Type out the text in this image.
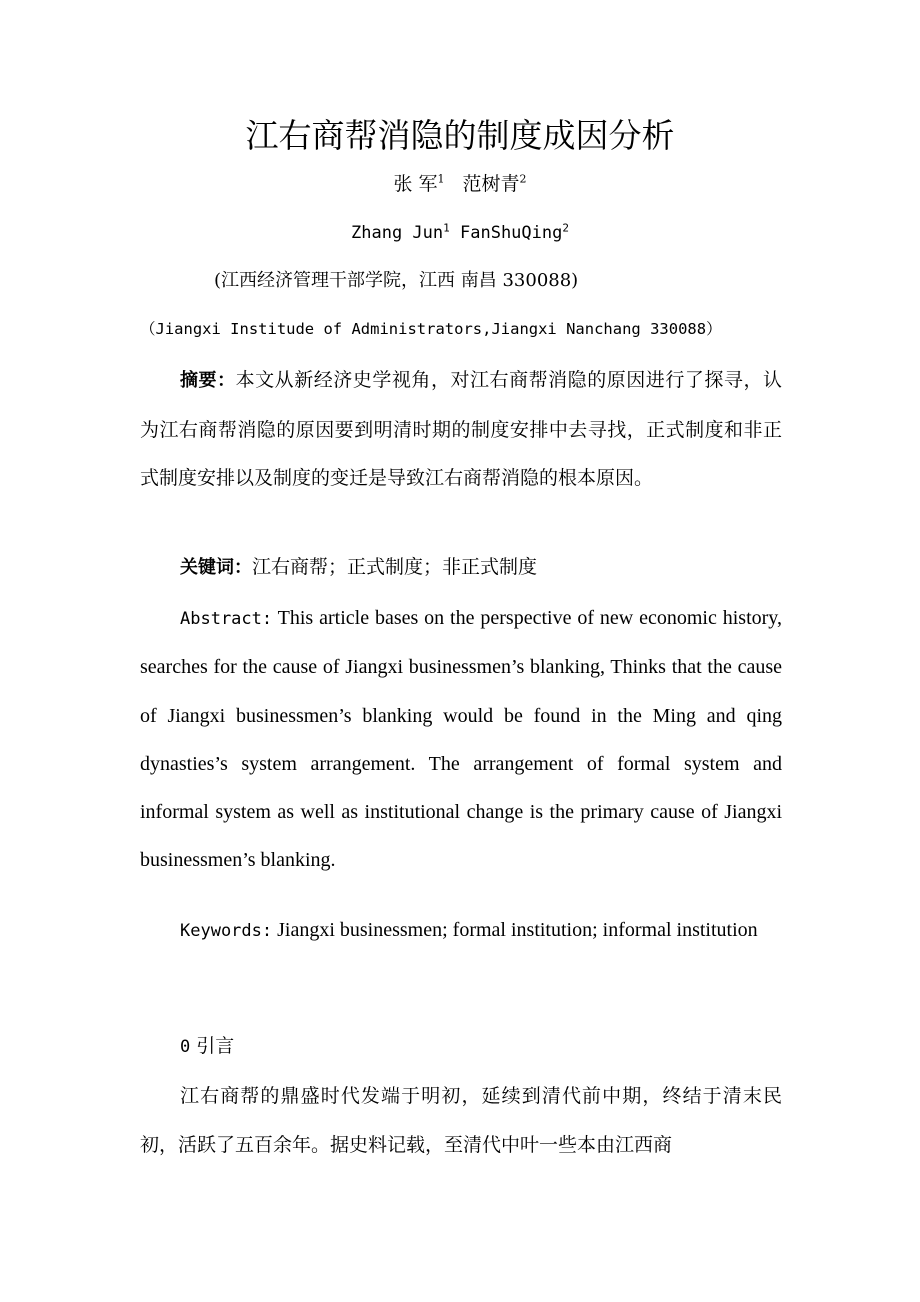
江右商帮消隐的制度成因分析
张 军$^1$ 范树青$^2$
Zhang Jun$^1$ FanShuQing$^2$
(江西经济管理干部学院，江西 南昌 330088)
（Jiangxi Institude of Administrators,Jiangxi Nanchang 330088）

摘要：本文从新经济史学视角，对江右商帮消隐的原因进行了探寻，认为江右商帮消隐的原因要到明清时期的制度安排中去寻找，正式制度和非正式制度安排以及制度的变迁是导致江右商帮消隐的根本原因。

关键词：江右商帮；正式制度；非正式制度

Abstract: This article bases on the perspective of new economic history, searches for the cause of Jiangxi businessmen’s blanking, Thinks that the cause of Jiangxi businessmen’s blanking would be found in the Ming and qing dynasties’s system arrangement. The arrangement of formal system and informal system as well as institutional change is the primary cause of Jiangxi businessmen’s blanking.

Keywords: Jiangxi businessmen; formal institution; informal institution

0 引言

江右商帮的鼎盛时代发端于明初，延续到清代前中期，终结于清末民初，活跃了五百余年。据史料记载，至清代中叶一些本由江西商
